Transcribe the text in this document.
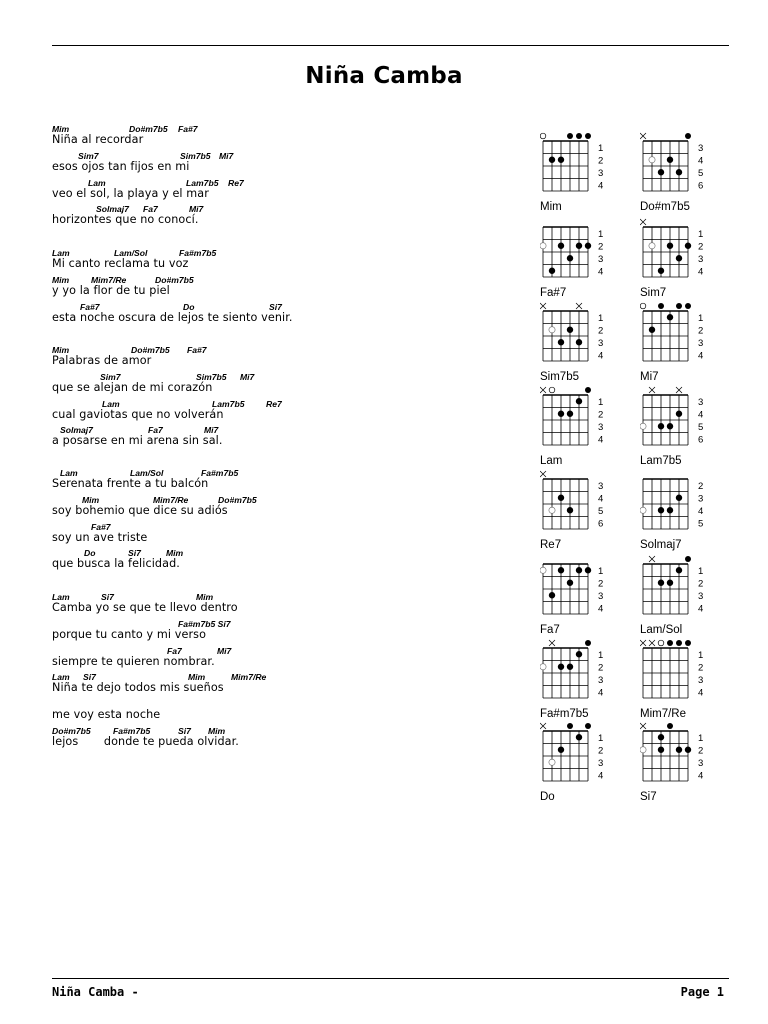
Niña Camba
Mim	Do#m7b5 Fa#7
Niña al recordar
Sim7	Sim7b5 Mi7
esos ojos tan fijos en mi
Lam	Lam7b5 Re7
veo el sol, la playa y el mar
Solmaj7 Fa7	Mi7
horizontes que no conocí.
Lam	Lam/Sol	Fa#m7b5
Mi canto reclama tu voz
Mim	Mim7/Re	Do#m7b5
y yo la flor de tu piel
Fa#7	Do	Si7
esta noche oscura de lejos te siento venir.
Mim	Do#m7b5 Fa#7
Palabras de amor
Sim7	Sim7b5 Mi7
que se alejan de mi corazón
Lam	Lam7b5	Re7
cual gaviotas que no volverán
Solmaj7	Fa7	Mi7
a posarse en mi arena sin sal.
Lam	Lam/Sol	Fa#m7b5
Serenata frente a tu balcón
Mim	Mim7/Re	Do#m7b5
soy bohemio que dice su adiós
Fa#7
soy un ave triste
Do	Si7	Mim
que busca la felicidad.
Lam	Si7	Mim
Camba yo se que te llevo dentro
Fa#m7b5 Si7
porque tu canto y mi verso
Fa7	Mi7
siempre te quieren nombrar.
Lam Si7	Mim	Mim7/Re
Niña te dejo todos mis sueños
me voy esta noche
Do#m7b5	Fa#m7b5	Si7 Mim
lejos       donde te pueda olvidar.
1
2
3
4
Mim
3
4
5
6
Do#m7b5
1
2
3
4
Fa#7
1
2
3
4
Sim7
1
2
3
4
Sim7b5
1
2
3
4
Mi7
1
2
3
4
Lam
3
4
5
6
Lam7b5
3
4
5
6
Re7
2
3
4
5
Solmaj7
1
2
3
4
Fa7
1
2
3
4
Lam/Sol
1
2
3
4
Fa#m7b5
1
2
3
4
Mim7/Re
1
2
3
4
Do
1
2
3
4
Si7
Niña Camba -	Page 1
